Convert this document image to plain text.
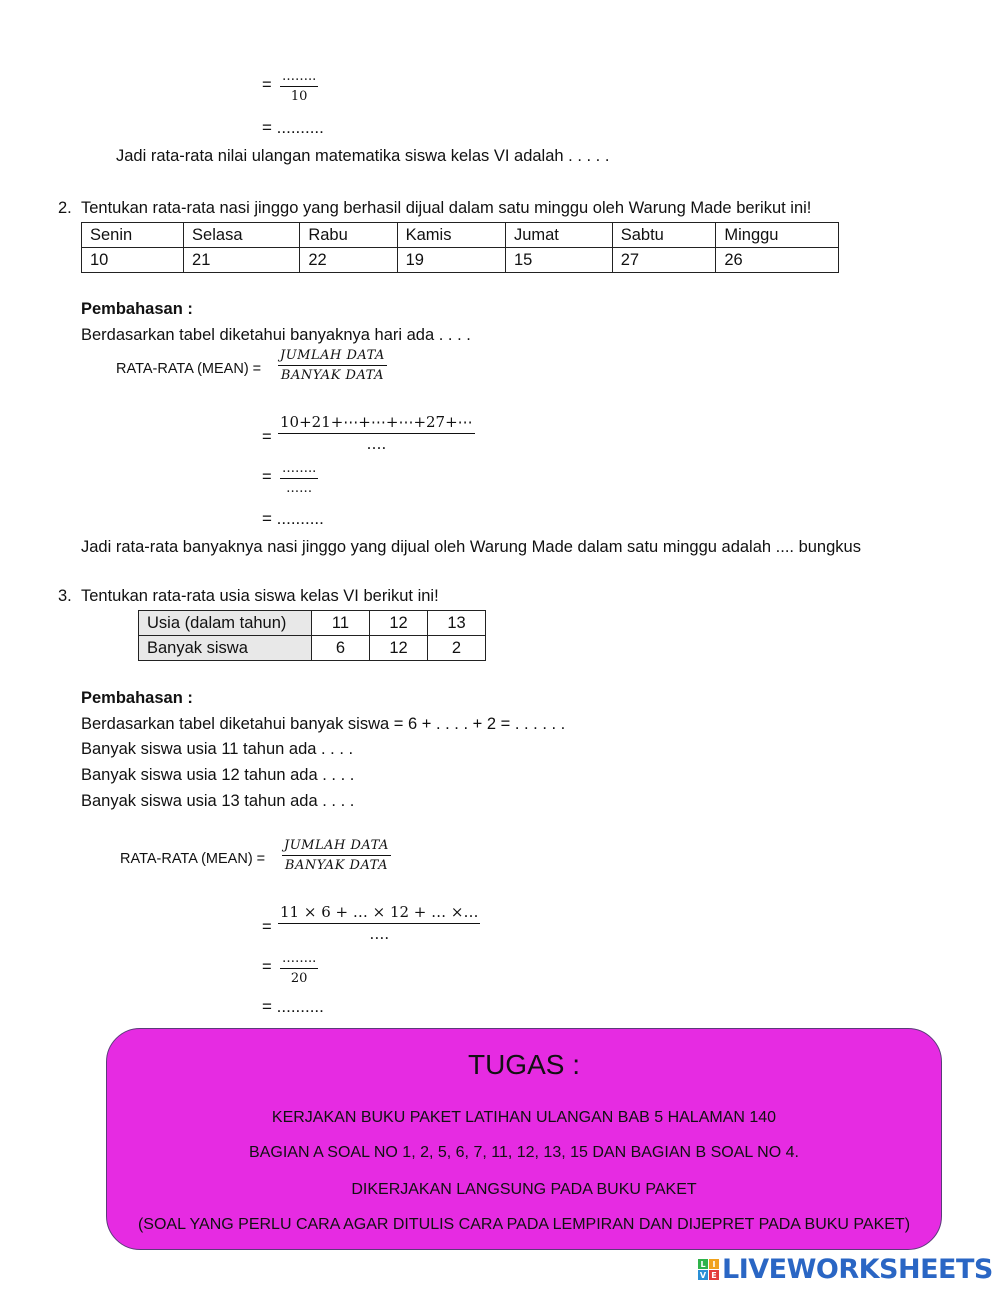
= ……..
10
= ..........
Jadi rata-rata nilai ulangan matematika siswa kelas VI adalah . . . . .
2. Tentukan rata-rata nasi jinggo yang berhasil dijual dalam satu minggu oleh Warung Made berikut ini!
Senin	Selasa	Rabu	Kamis	Jumat	Sabtu	Minggu
10	21	22	19	15	27	26
Pembahasan :
Berdasarkan tabel diketahui banyaknya hari ada . . . .
RATA-RATA (MEAN) =
JUMLAH DATA
BANYAK DATA
=
10+21+⋯+⋯+⋯+27+⋯
….
= ……..
……
= ..........
Jadi rata-rata banyaknya nasi jinggo yang dijual oleh Warung Made dalam satu minggu adalah .... bungkus
3. Tentukan rata-rata usia siswa kelas VI berikut ini!
Usia (dalam tahun)	11	12	13
Banyak siswa	6	12	2
Pembahasan :
Berdasarkan tabel diketahui banyak siswa = 6 + . . . . + 2 = . . . . . .
Banyak siswa usia 11 tahun ada . . . .
Banyak siswa usia 12 tahun ada . . . .
Banyak siswa usia 13 tahun ada . . . .
RATA-RATA (MEAN) =
JUMLAH DATA
BANYAK DATA
=
11 × 6 + … × 12 + … ×…
….
= ……..
20
= ..........
TUGAS :
KERJAKAN BUKU PAKET LATIHAN ULANGAN BAB 5 HALAMAN 140
BAGIAN A SOAL NO 1, 2, 5, 6, 7, 11, 12, 13, 15 DAN BAGIAN B SOAL NO 4.
DIKERJAKAN LANGSUNG PADA BUKU PAKET
(SOAL YANG PERLU CARA AGAR DITULIS CARA PADA LEMPIRAN DAN DIJEPRET PADA BUKU PAKET)
L I
V E LIVEWORKSHEETS
